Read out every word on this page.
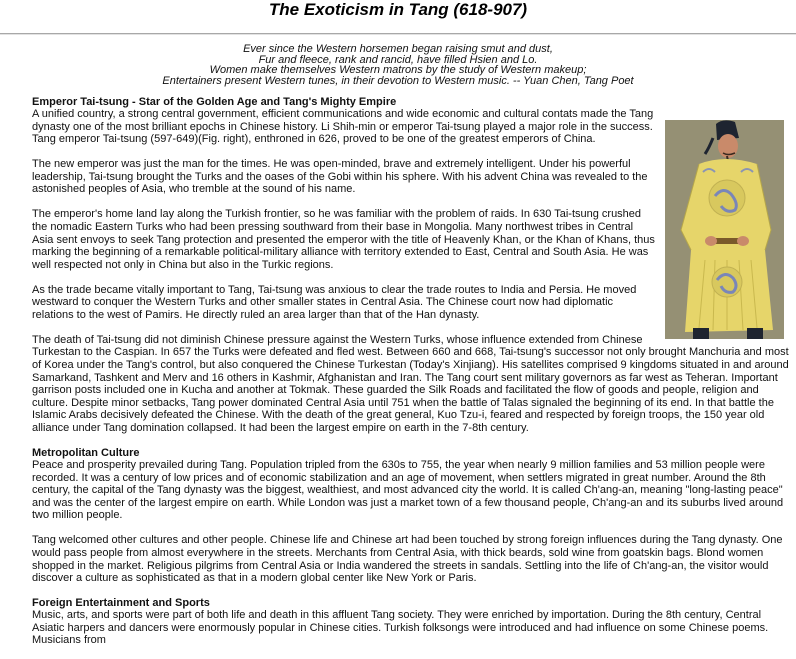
The Exoticism in Tang (618-907)
Ever since the Western horsemen began raising smut and dust,
Fur and fleece, rank and rancid, have filled Hsien and Lo.
Women make themselves Western matrons by the study of Western makeup;
Entertainers present Western tunes, in their devotion to Western music. -- Yuan Chen, Tang Poet
Emperor Tai-tsung - Star of the Golden Age and Tang's Mighty Empire

A unified country, a strong central government, efficient communications and wide economic and cultural contats made the Tang dynasty one of the most brilliant epochs in Chinese history. Li Shih-min or emperor Tai-tsung played a major role in the success. Tang emperor Tai-tsung (597-649)(Fig. right), enthroned in 626, proved to be one of the greatest emperors of China.

The new emperor was just the man for the times. He was open-minded, brave and extremely intelligent. Under his powerful leadership, Tai-tsung brought the Turks and the oases of the Gobi within his sphere. With his advent China was revealed to the astonished peoples of Asia, who tremble at the sound of his name.

The emperor's home land lay along the Turkish frontier, so he was familiar with the problem of raids. In 630 Tai-tsung crushed the nomadic Eastern Turks who had been pressing southward from their base in Mongolia. Many northwest tribes in Central Asia sent envoys to seek Tang protection and presented the emperor with the title of Heavenly Khan, or the Khan of Khans, thus marking the beginning of a remarkable political-military alliance with territory extended to East, Central and South Asia. He was well respected not only in China but also in the Turkic regions.

As the trade became vitally important to Tang, Tai-tsung was anxious to clear the trade routes to India and Persia. He moved westward to conquer the Western Turks and other smaller states in Central Asia. The Chinese court now had diplomatic relations to the west of Pamirs. He directly ruled an area larger than that of the Han dynasty.

The death of Tai-tsung did not diminish Chinese pressure against the Western Turks, whose influence extended from Chinese Turkestan to the Caspian. In 657 the Turks were defeated and fled west. Between 660 and 668, Tai-tsung's successor not only brought Manchuria and most of Korea under the Tang's control, but also conquered the Chinese Turkestan (Today's Xinjiang). His satellites comprised 9 kingdoms situated in and around Samarkand, Tashkent and Merv and 16 others in Kashmir, Afghanistan and Iran. The Tang court sent military governors as far west as Teheran. Important garrison posts included one in Kucha and another at Tokmak. These guarded the Silk Roads and facilitated the flow of goods and people, religion and culture. Despite minor setbacks, Tang power dominated Central Asia until 751 when the battle of Talas signaled the beginning of its end. In that battle the Islamic Arabs decisively defeated the Chinese. With the death of the great general, Kuo Tzu-i, feared and respected by foreign troops, the 150 year old alliance under Tang domination collapsed. It had been the largest empire on earth in the 7-8th century.

Metropolitan Culture

Peace and prosperity prevailed during Tang. Population tripled from the 630s to 755, the year when nearly 9 million families and 53 million people were recorded. It was a century of low prices and of economic stabilization and an age of movement, when settlers migrated in great number. Around the 8th century, the capital of the Tang dynasty was the biggest, wealthiest, and most advanced city the world. It is called Ch'ang-an, meaning "long-lasting peace" and was the center of the largest empire on earth. While London was just a market town of a few thousand people, Ch'ang-an and its suburbs lived around two million people.

Tang welcomed other cultures and other people. Chinese life and Chinese art had been touched by strong foreign influences during the Tang dynasty. One would pass people from almost everywhere in the streets. Merchants from Central Asia, with thick beards, sold wine from goatskin bags. Blond women shopped in the market. Religious pilgrims from Central Asia or India wandered the streets in sandals. Settling into the life of Ch'ang-an, the visitor would discover a culture as sophisticated as that in a modern global center like New York or Paris.

Foreign Entertainment and Sports

Music, arts, and sports were part of both life and death in this affluent Tang society. They were enriched by importation. During the 8th century, Central Asiatic harpers and dancers were enormously popular in Chinese cities. Turkish folksongs were introduced and had influence on some Chinese poems. Musicians from
